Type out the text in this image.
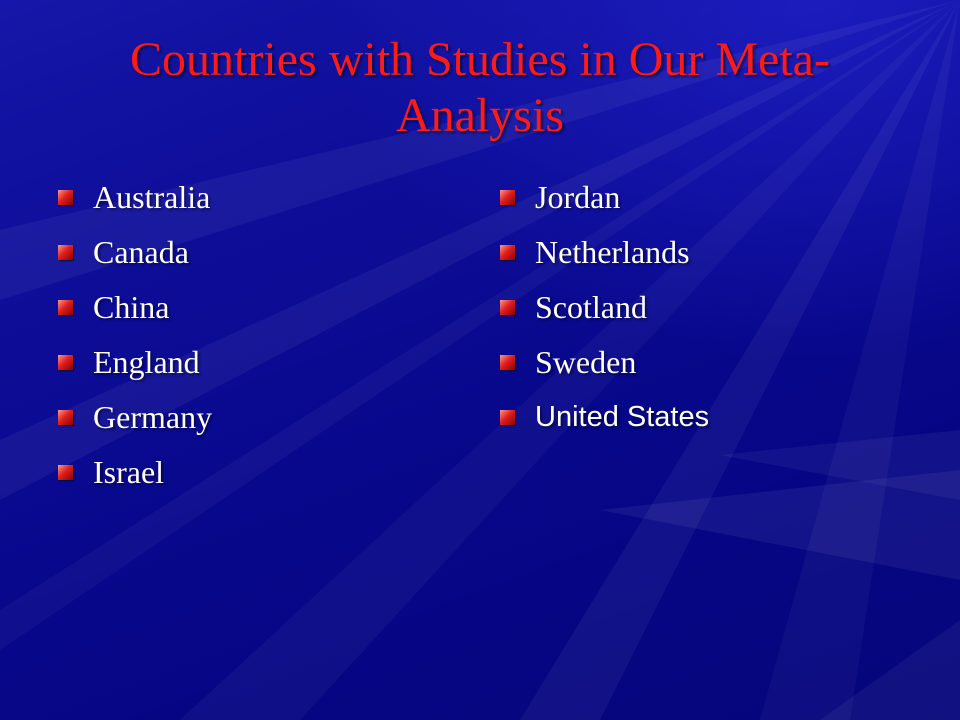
Countries with Studies in Our Meta-Analysis
Australia
Canada
China
England
Germany
Israel
Jordan
Netherlands
Scotland
Sweden
United States
